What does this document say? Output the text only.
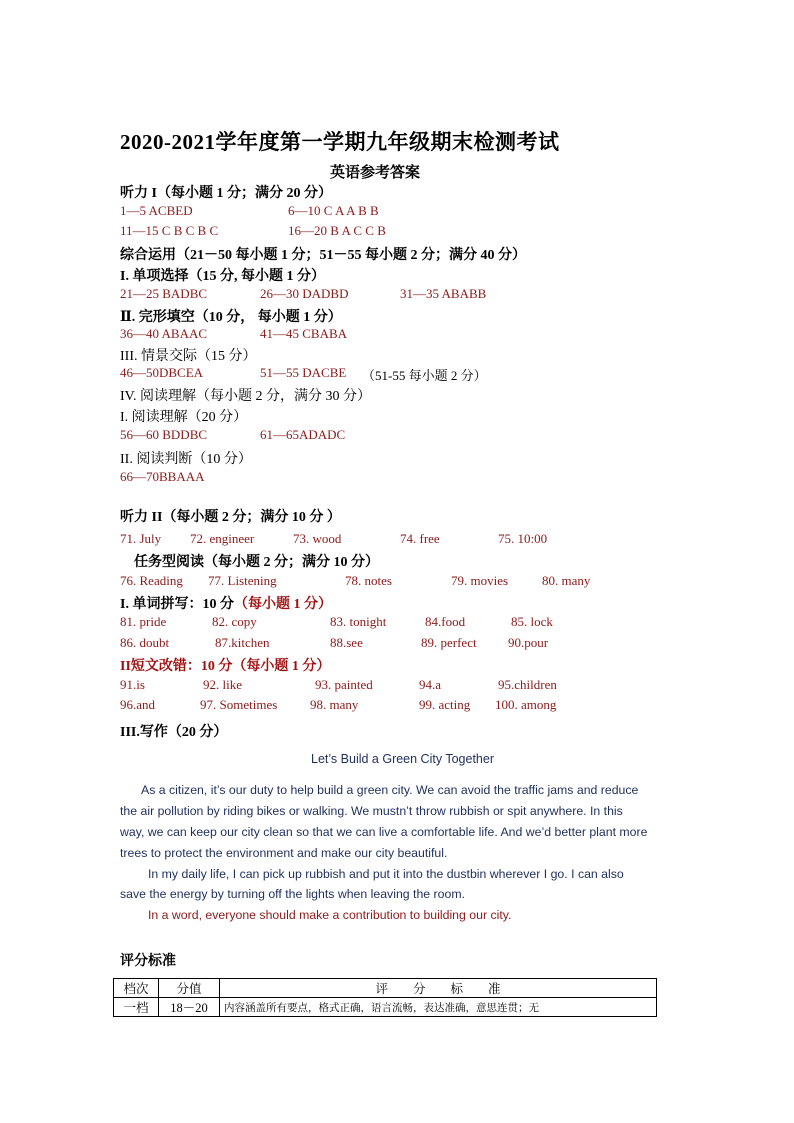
2020-2021学年度第一学期九年级期末检测考试
英语参考答案
听力 I（每小题 1 分；满分 20 分）
1—5 ACBED	6—10 C A A B B
11—15 C B C B C	16—20 B A C C B
综合运用（21－50 每小题 1 分；51－55 每小题 2 分；满分 40 分）
I. 单项选择（15 分, 每小题 1 分）
21—25 BADBC	26—30 DADBD	31—35 ABABB
Ⅱ. 完形填空（10 分， 每小题 1 分）
36—40 ABAAC	41—45 CBABA
III. 情景交际（15 分）
46—50DBCEA	51—55 DACBE （51-55 每小题 2 分）
IV. 阅读理解（每小题 2 分，满分 30 分）
I. 阅读理解（20 分）
56—60 BDDBC	61—65ADADC
II. 阅读判断（10 分）
66—70BBAAA
听力 II（每小题 2 分；满分 10 分 ）
71. July 72. engineer	73. wood	74. free	75. 10:00
任务型阅读（每小题 2 分；满分 10 分）
76. Reading 77. Listening	78. notes	79. movies	80. many
I. 单词拼写：10 分（每小题 1 分）
81. pride	82. copy	83. tonight	84.food	85. lock
86. doubt	87.kitchen	88.see	89. perfect 90.pour
II短文改错：10 分（每小题 1 分）
91.is	92. like	93. painted	94.a	95.children
96.and	97. Sometimes	98. many	99. acting 100. among
III.写作（20 分）
Let’s Build a Green City Together
As a citizen, it’s our duty to help build a green city. We can avoid the traffic jams and reduce
the air pollution by riding bikes or walking. We mustn’t throw rubbish or spit anywhere. In this
way, we can keep our city clean so that we can live a comfortable life. And we’d better plant more
trees to protect the environment and make our city beautiful.
In my daily life, I can pick up rubbish and put it into the dustbin wherever I go. I can also
save the energy by turning off the lights when leaving the room.
In a word, everyone should make a contribution to building our city.
评分标准
档次	分值	评　　分　　标　　准
一档	18－20	内容涵盖所有要点，格式正确，语言流畅，表达准确，意思连贯；无
